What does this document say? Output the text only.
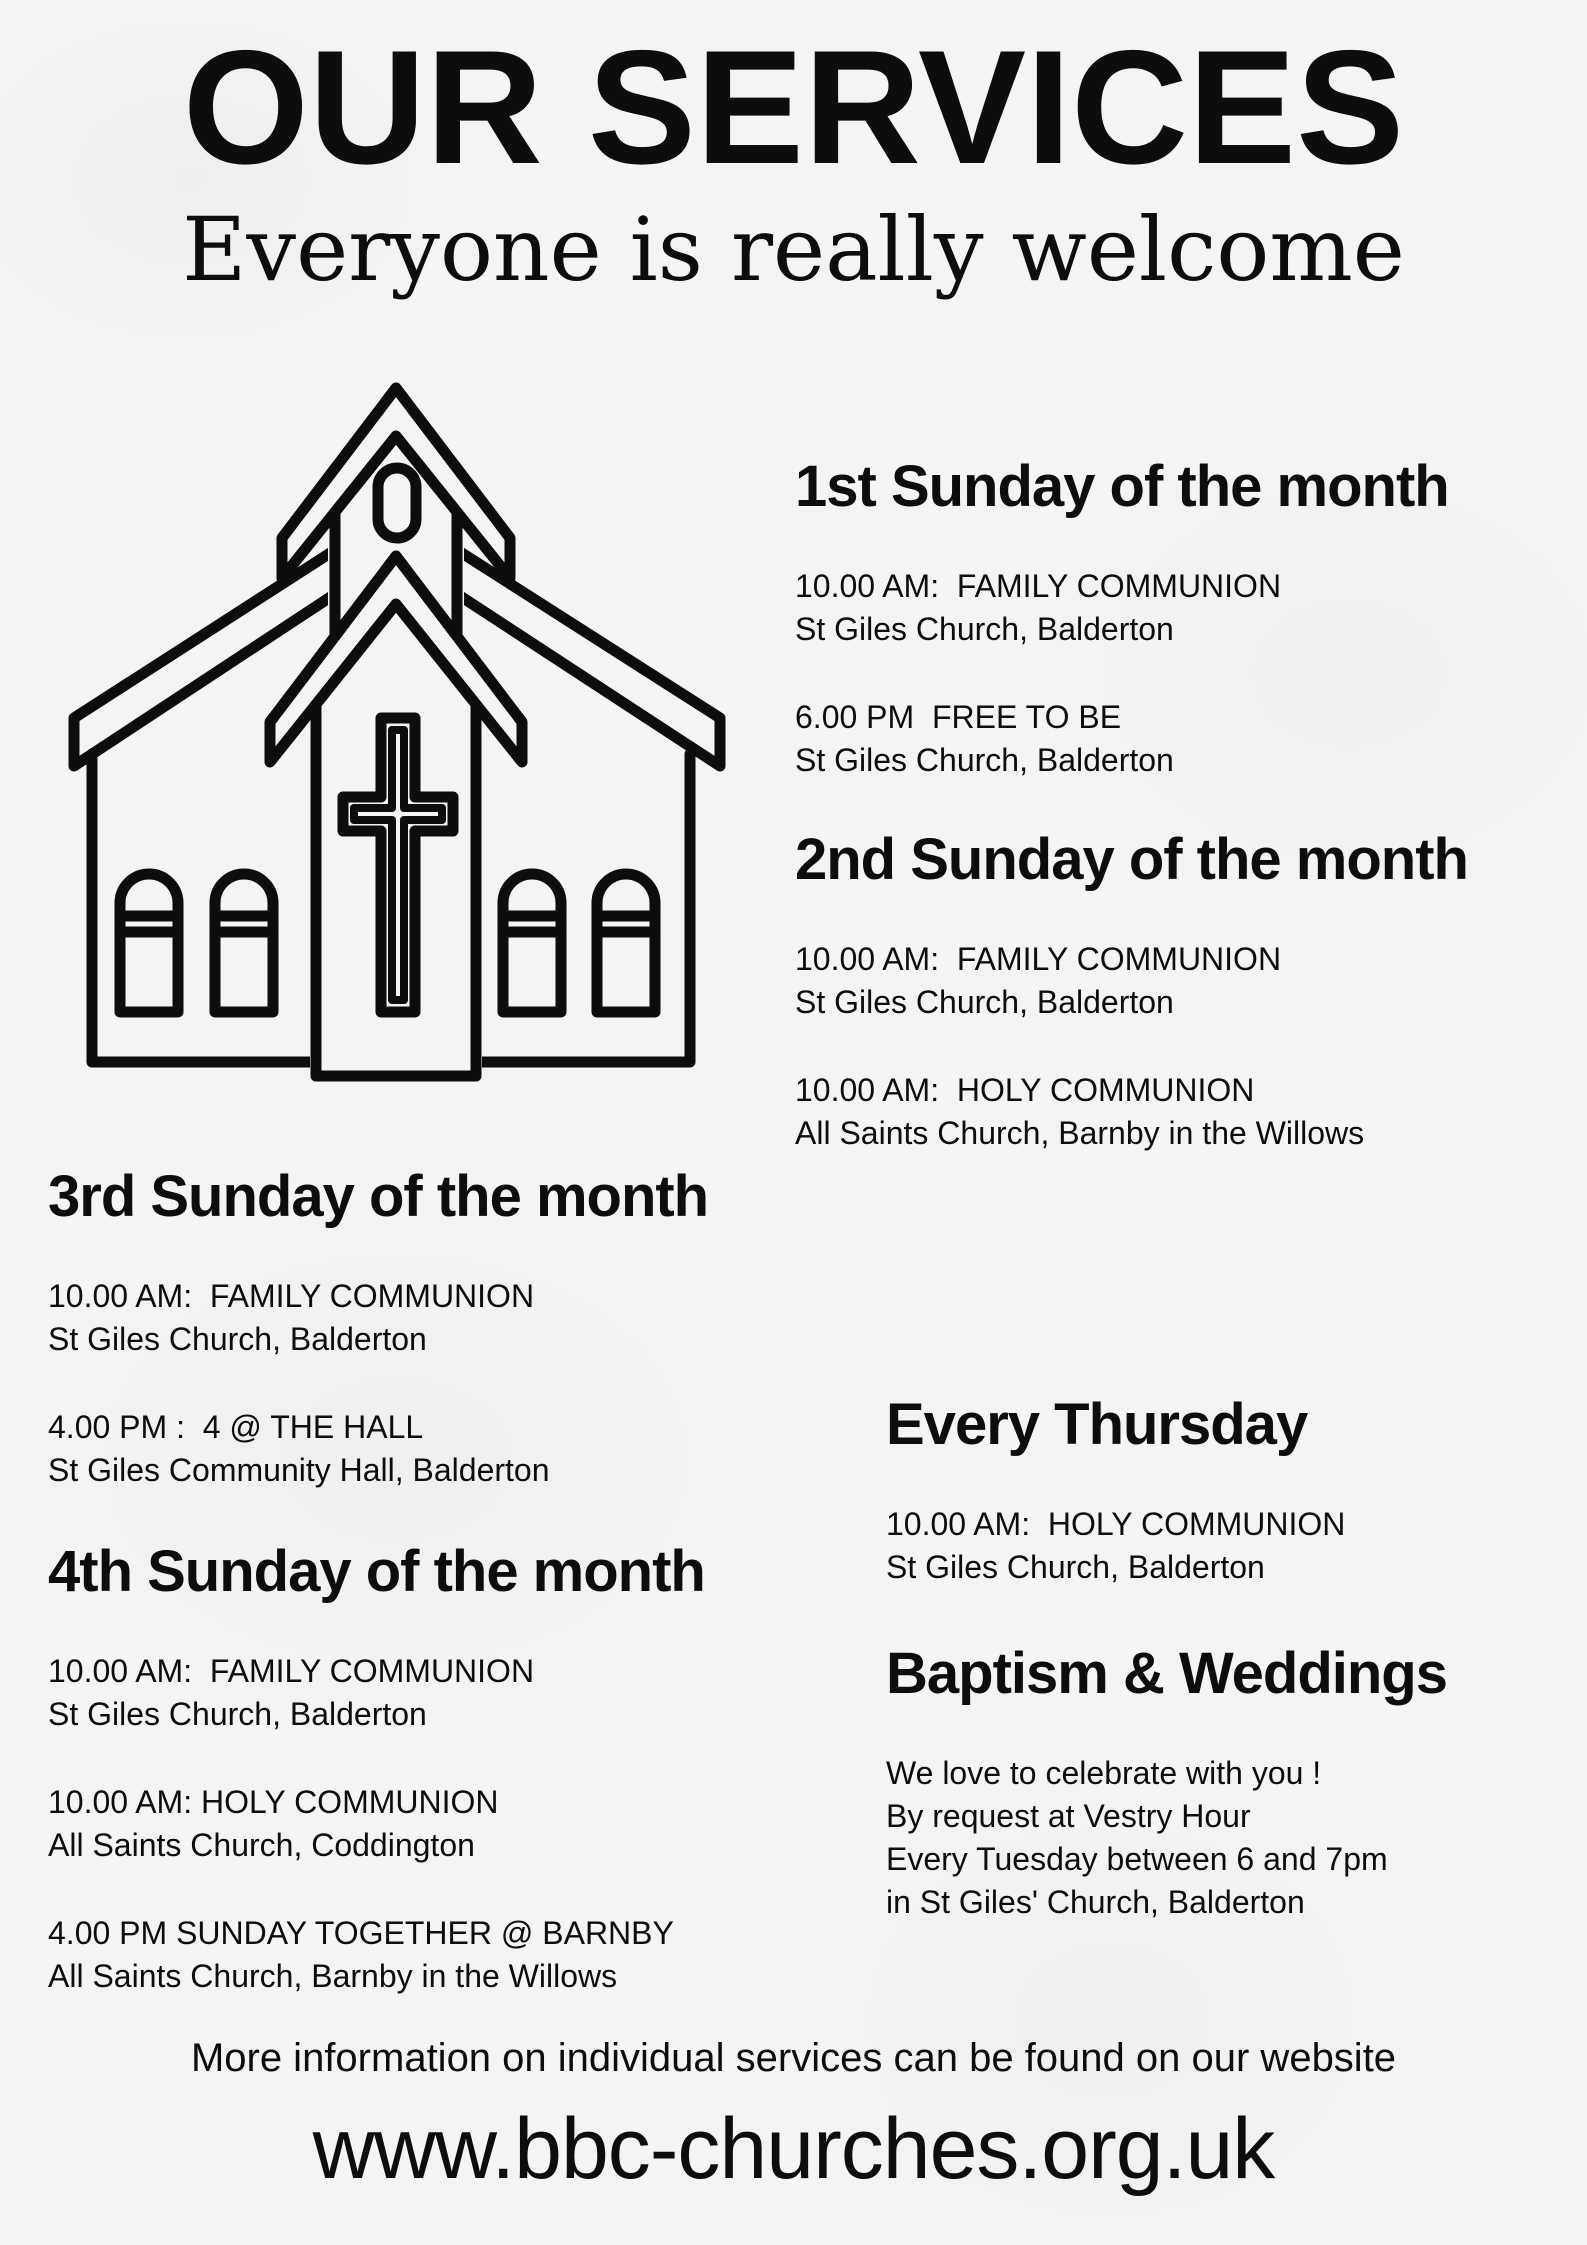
OUR SERVICES
Everyone is really welcome
1st Sunday of the month
10.00 AM:  FAMILY COMMUNION
St Giles Church, Balderton
6.00 PM  FREE TO BE
St Giles Church, Balderton
2nd Sunday of the month
10.00 AM:  FAMILY COMMUNION
St Giles Church, Balderton
10.00 AM:  HOLY COMMUNION
All Saints Church, Barnby in the Willows
3rd Sunday of the month
10.00 AM:  FAMILY COMMUNION
St Giles Church, Balderton
4.00 PM :  4 @ THE HALL
St Giles Community Hall, Balderton
4th Sunday of the month
10.00 AM:  FAMILY COMMUNION
St Giles Church, Balderton
10.00 AM: HOLY COMMUNION
All Saints Church, Coddington
4.00 PM SUNDAY TOGETHER @ BARNBY
All Saints Church, Barnby in the Willows
Every Thursday
10.00 AM:  HOLY COMMUNION
St Giles Church, Balderton
Baptism & Weddings
We love to celebrate with you !
By request at Vestry Hour
Every Tuesday between 6 and 7pm
in St Giles' Church, Balderton
More information on individual services can be found on our website
www.bbc-churches.org.uk
